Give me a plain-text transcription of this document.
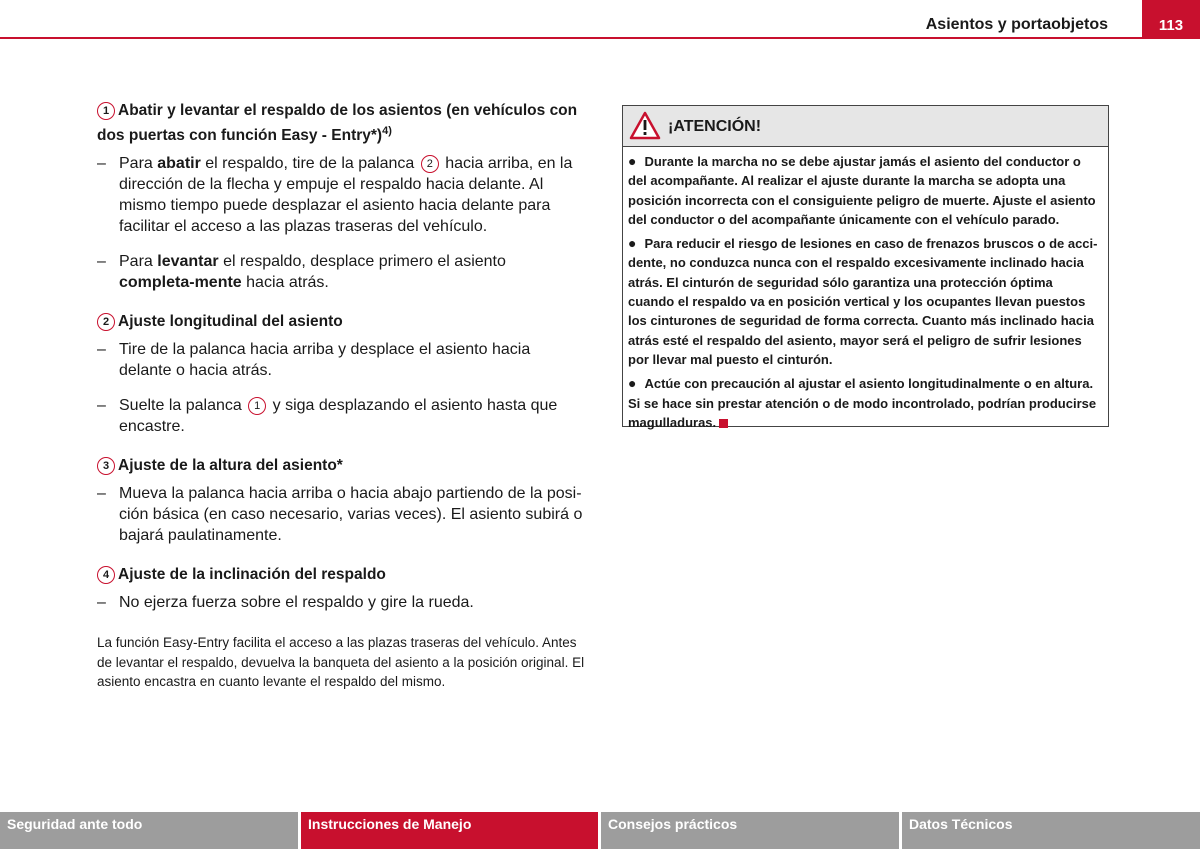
Asientos y portaobjetos	113
1 Abatir y levantar el respaldo de los asientos (en vehículos con dos puertas con función Easy - Entry*)$^{4)}$
– Para abatir el respaldo, tire de la palanca 2 hacia arriba, en la dirección de la flecha y empuje el respaldo hacia delante. Al mismo tiempo puede desplazar el asiento hacia delante para facilitar el acceso a las plazas traseras del vehículo.
– Para levantar el respaldo, desplace primero el asiento completa-mente hacia atrás.
2 Ajuste longitudinal del asiento
– Tire de la palanca hacia arriba y desplace el asiento hacia delante o hacia atrás.
– Suelte la palanca 1 y siga desplazando el asiento hasta que encastre.
3 Ajuste de la altura del asiento*
– Mueva la palanca hacia arriba o hacia abajo partiendo de la posi-ción básica (en caso necesario, varias veces). El asiento subirá o bajará paulatinamente.
4 Ajuste de la inclinación del respaldo
– No ejerza fuerza sobre el respaldo y gire la rueda.
La función Easy-Entry facilita el acceso a las plazas traseras del vehículo. Antes de levantar el respaldo, devuelva la banqueta del asiento a la posición original. El asiento encastra en cuanto levante el respaldo del mismo.
¡ATENCIÓN!
● Durante la marcha no se debe ajustar jamás el asiento del conductor o del acompañante. Al realizar el ajuste durante la marcha se adopta una posición incorrecta con el consiguiente peligro de muerte. Ajuste el asiento del conductor o del acompañante únicamente con el vehículo parado.
● Para reducir el riesgo de lesiones en caso de frenazos bruscos o de acci-dente, no conduzca nunca con el respaldo excesivamente inclinado hacia atrás. El cinturón de seguridad sólo garantiza una protección óptima cuando el respaldo va en posición vertical y los ocupantes llevan puestos los cinturones de seguridad de forma correcta. Cuanto más inclinado hacia atrás esté el respaldo del asiento, mayor será el peligro de sufrir lesiones por llevar mal puesto el cinturón.
● Actúe con precaución al ajustar el asiento longitudinalmente o en altura. Si se hace sin prestar atención o de modo incontrolado, podrían producirse magulladuras.
Seguridad ante todo	Instrucciones de Manejo	Consejos prácticos	Datos Técnicos
